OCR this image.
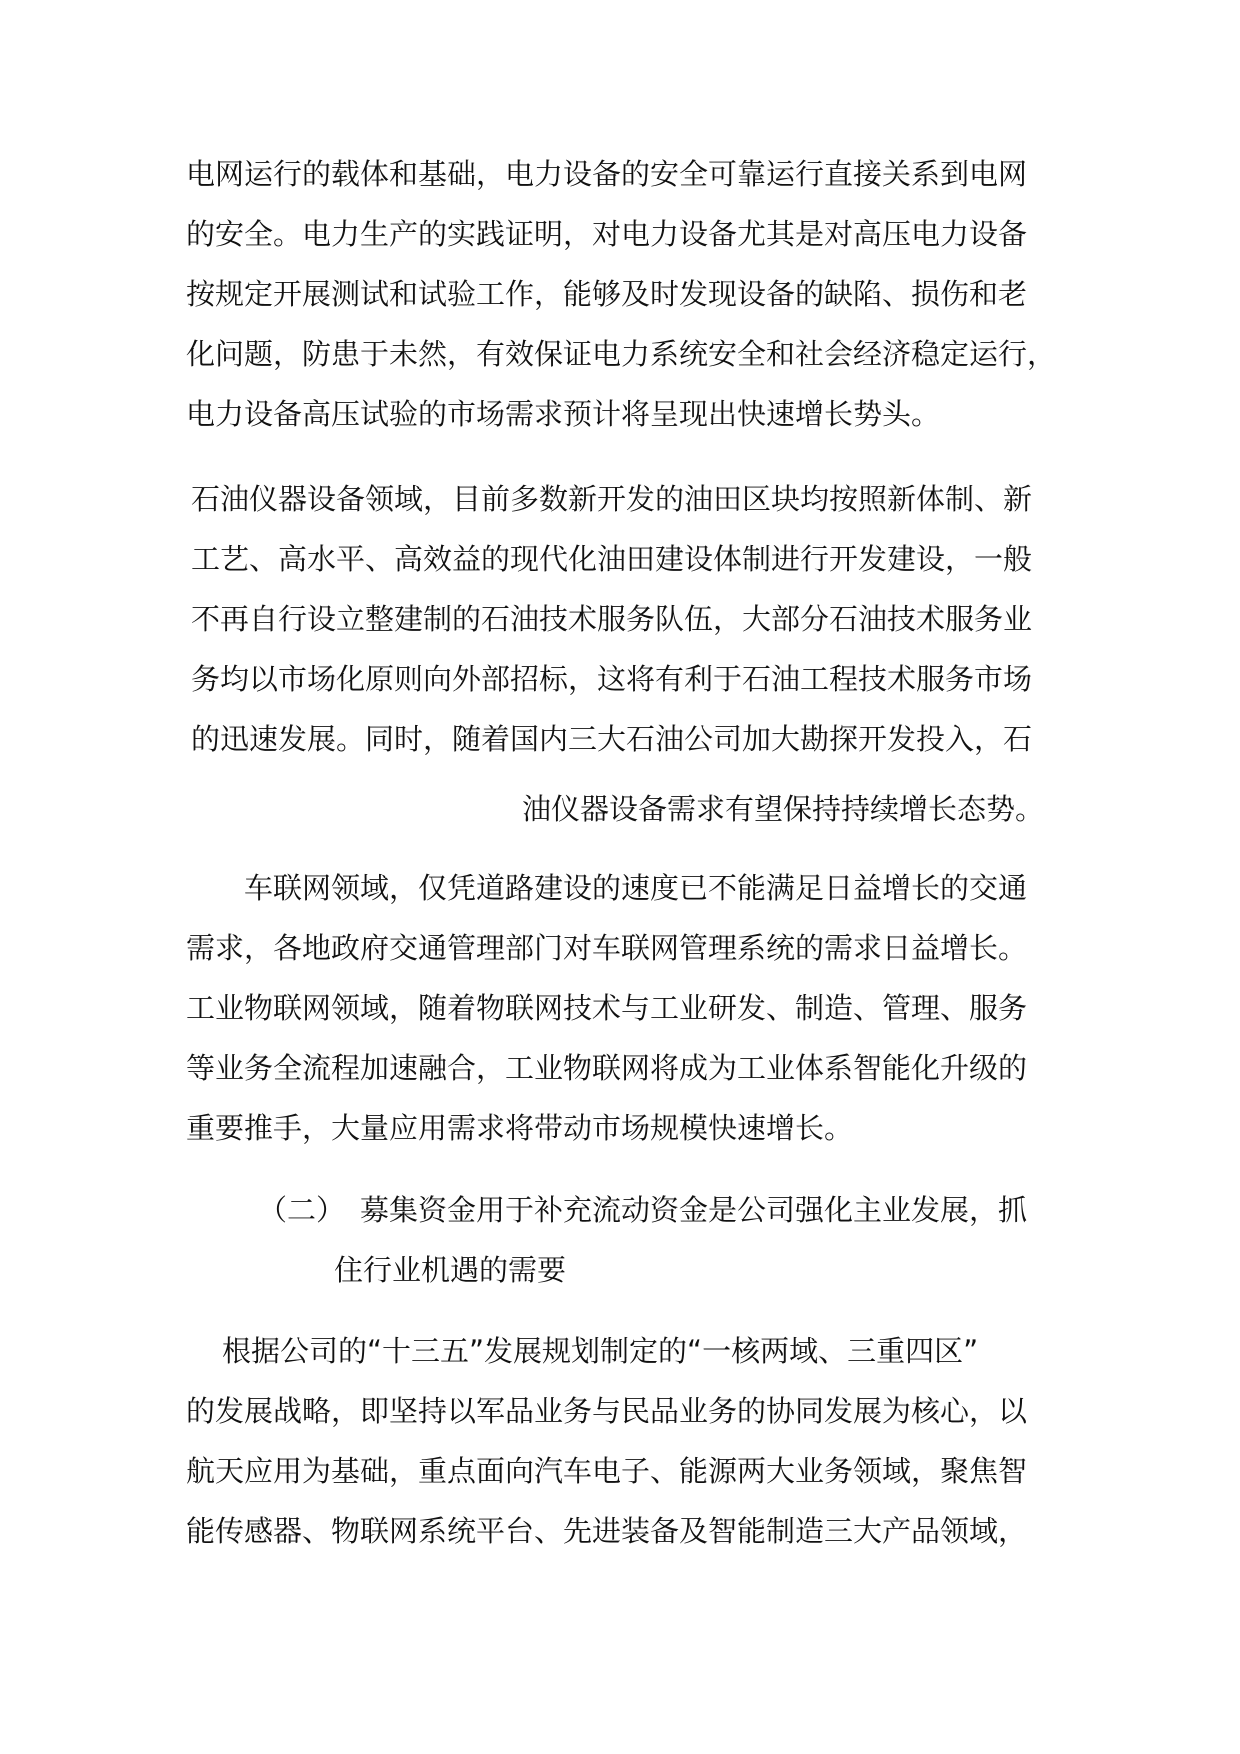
电网运行的载体和基础，电力设备的安全可靠运行直接关系到电网

的安全。电力生产的实践证明，对电力设备尤其是对高压电力设备

按规定开展测试和试验工作，能够及时发现设备的缺陷、损伤和老

化问题，防患于未然，有效保证电力系统安全和社会经济稳定运行，

电力设备高压试验的市场需求预计将呈现出快速增长势头。

石油仪器设备领域，目前多数新开发的油田区块均按照新体制、新

工艺、高水平、高效益的现代化油田建设体制进行开发建设，一般

不再自行设立整建制的石油技术服务队伍，大部分石油技术服务业

务均以市场化原则向外部招标，这将有利于石油工程技术服务市场

的迅速发展。同时，随着国内三大石油公司加大勘探开发投入，石

油仪器设备需求有望保持持续增长态势。

车联网领域，仅凭道路建设的速度已不能满足日益增长的交通

需求，各地政府交通管理部门对车联网管理系统的需求日益增长。

工业物联网领域，随着物联网技术与工业研发、制造、管理、服务

等业务全流程加速融合，工业物联网将成为工业体系智能化升级的

重要推手，大量应用需求将带动市场规模快速增长。

（二） 募集资金用于补充流动资金是公司强化主业发展，抓

住行业机遇的需要

根据公司的“十三五”发展规划制定的“一核两域、三重四区”

的发展战略，即坚持以军品业务与民品业务的协同发展为核心，以

航天应用为基础，重点面向汽车电子、能源两大业务领域，聚焦智

能传感器、物联网系统平台、先进装备及智能制造三大产品领域，
